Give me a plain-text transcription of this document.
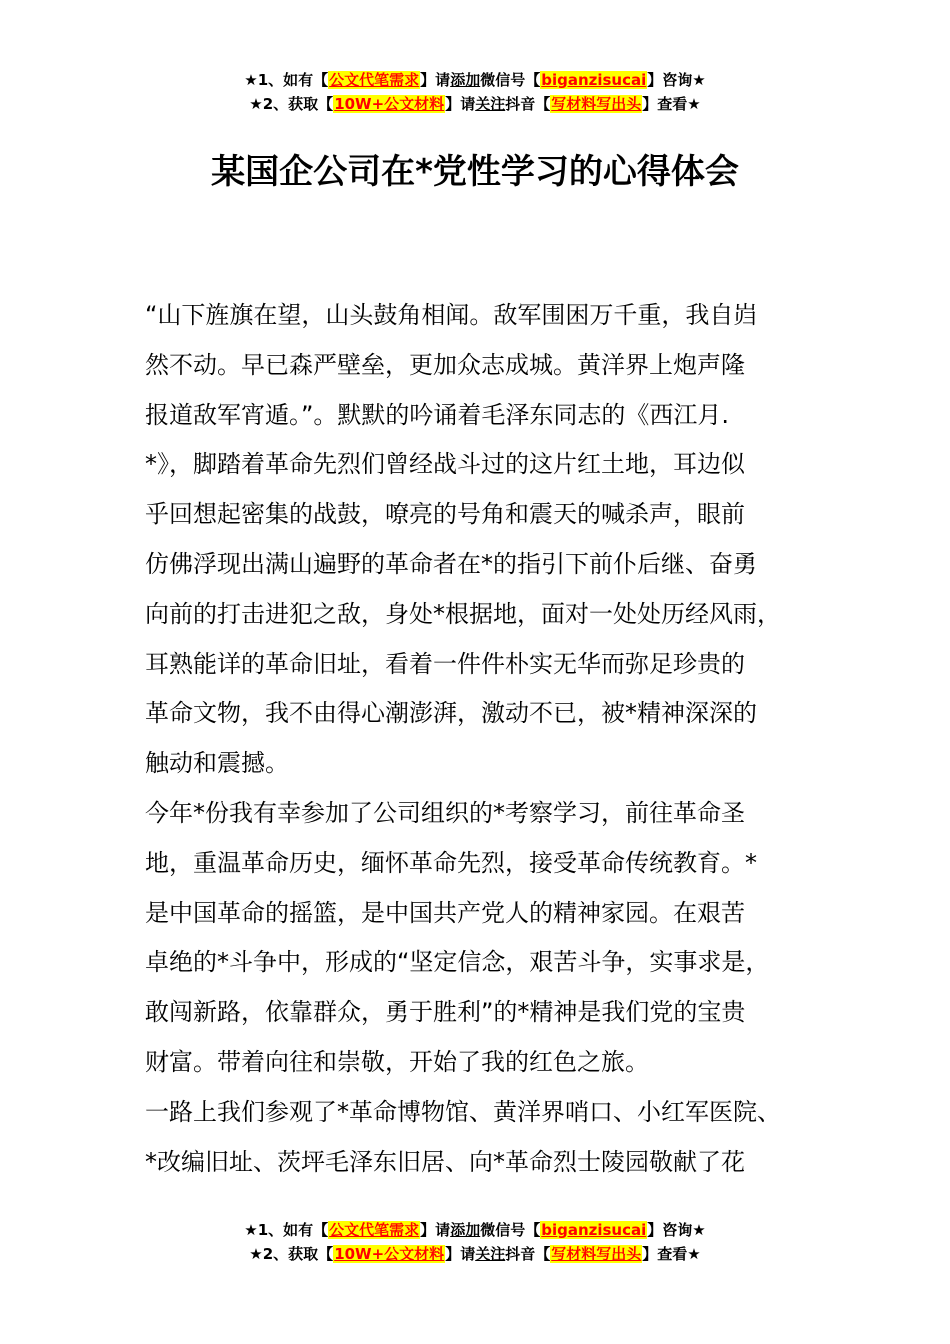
★1、如有【公文代笔需求】请添加微信号【biganzisucai】咨询★
★2、获取【10W+公文材料】请关注抖音【写材料写出头】查看★
某国企公司在*党性学习的心得体会

“山下旌旗在望，山头鼓角相闻。敌军围困万千重，我自岿
然不动。早已森严壁垒，更加众志成城。黄洋界上炮声隆
报道敌军宵遁。”。默默的吟诵着毛泽东同志的《西江月.
*》，脚踏着革命先烈们曾经战斗过的这片红土地，耳边似
乎回想起密集的战鼓，嘹亮的号角和震天的喊杀声，眼前
仿佛浮现出满山遍野的革命者在*的指引下前仆后继、奋勇
向前的打击进犯之敌，身处*根据地，面对一处处历经风雨，
耳熟能详的革命旧址，看着一件件朴实无华而弥足珍贵的
革命文物，我不由得心潮澎湃，激动不已，被*精神深深的
触动和震撼。

今年*份我有幸参加了公司组织的*考察学习，前往革命圣
地，重温革命历史，缅怀革命先烈，接受革命传统教育。*
是中国革命的摇篮，是中国共产党人的精神家园。在艰苦
卓绝的*斗争中，形成的“坚定信念，艰苦斗争，实事求是，
敢闯新路，依靠群众，勇于胜利”的*精神是我们党的宝贵
财富。带着向往和崇敬，开始了我的红色之旅。

一路上我们参观了*革命博物馆、黄洋界哨口、小红军医院、
*改编旧址、茨坪毛泽东旧居、向*革命烈士陵园敬献了花

★1、如有【公文代笔需求】请添加微信号【biganzisucai】咨询★
★2、获取【10W+公文材料】请关注抖音【写材料写出头】查看★
